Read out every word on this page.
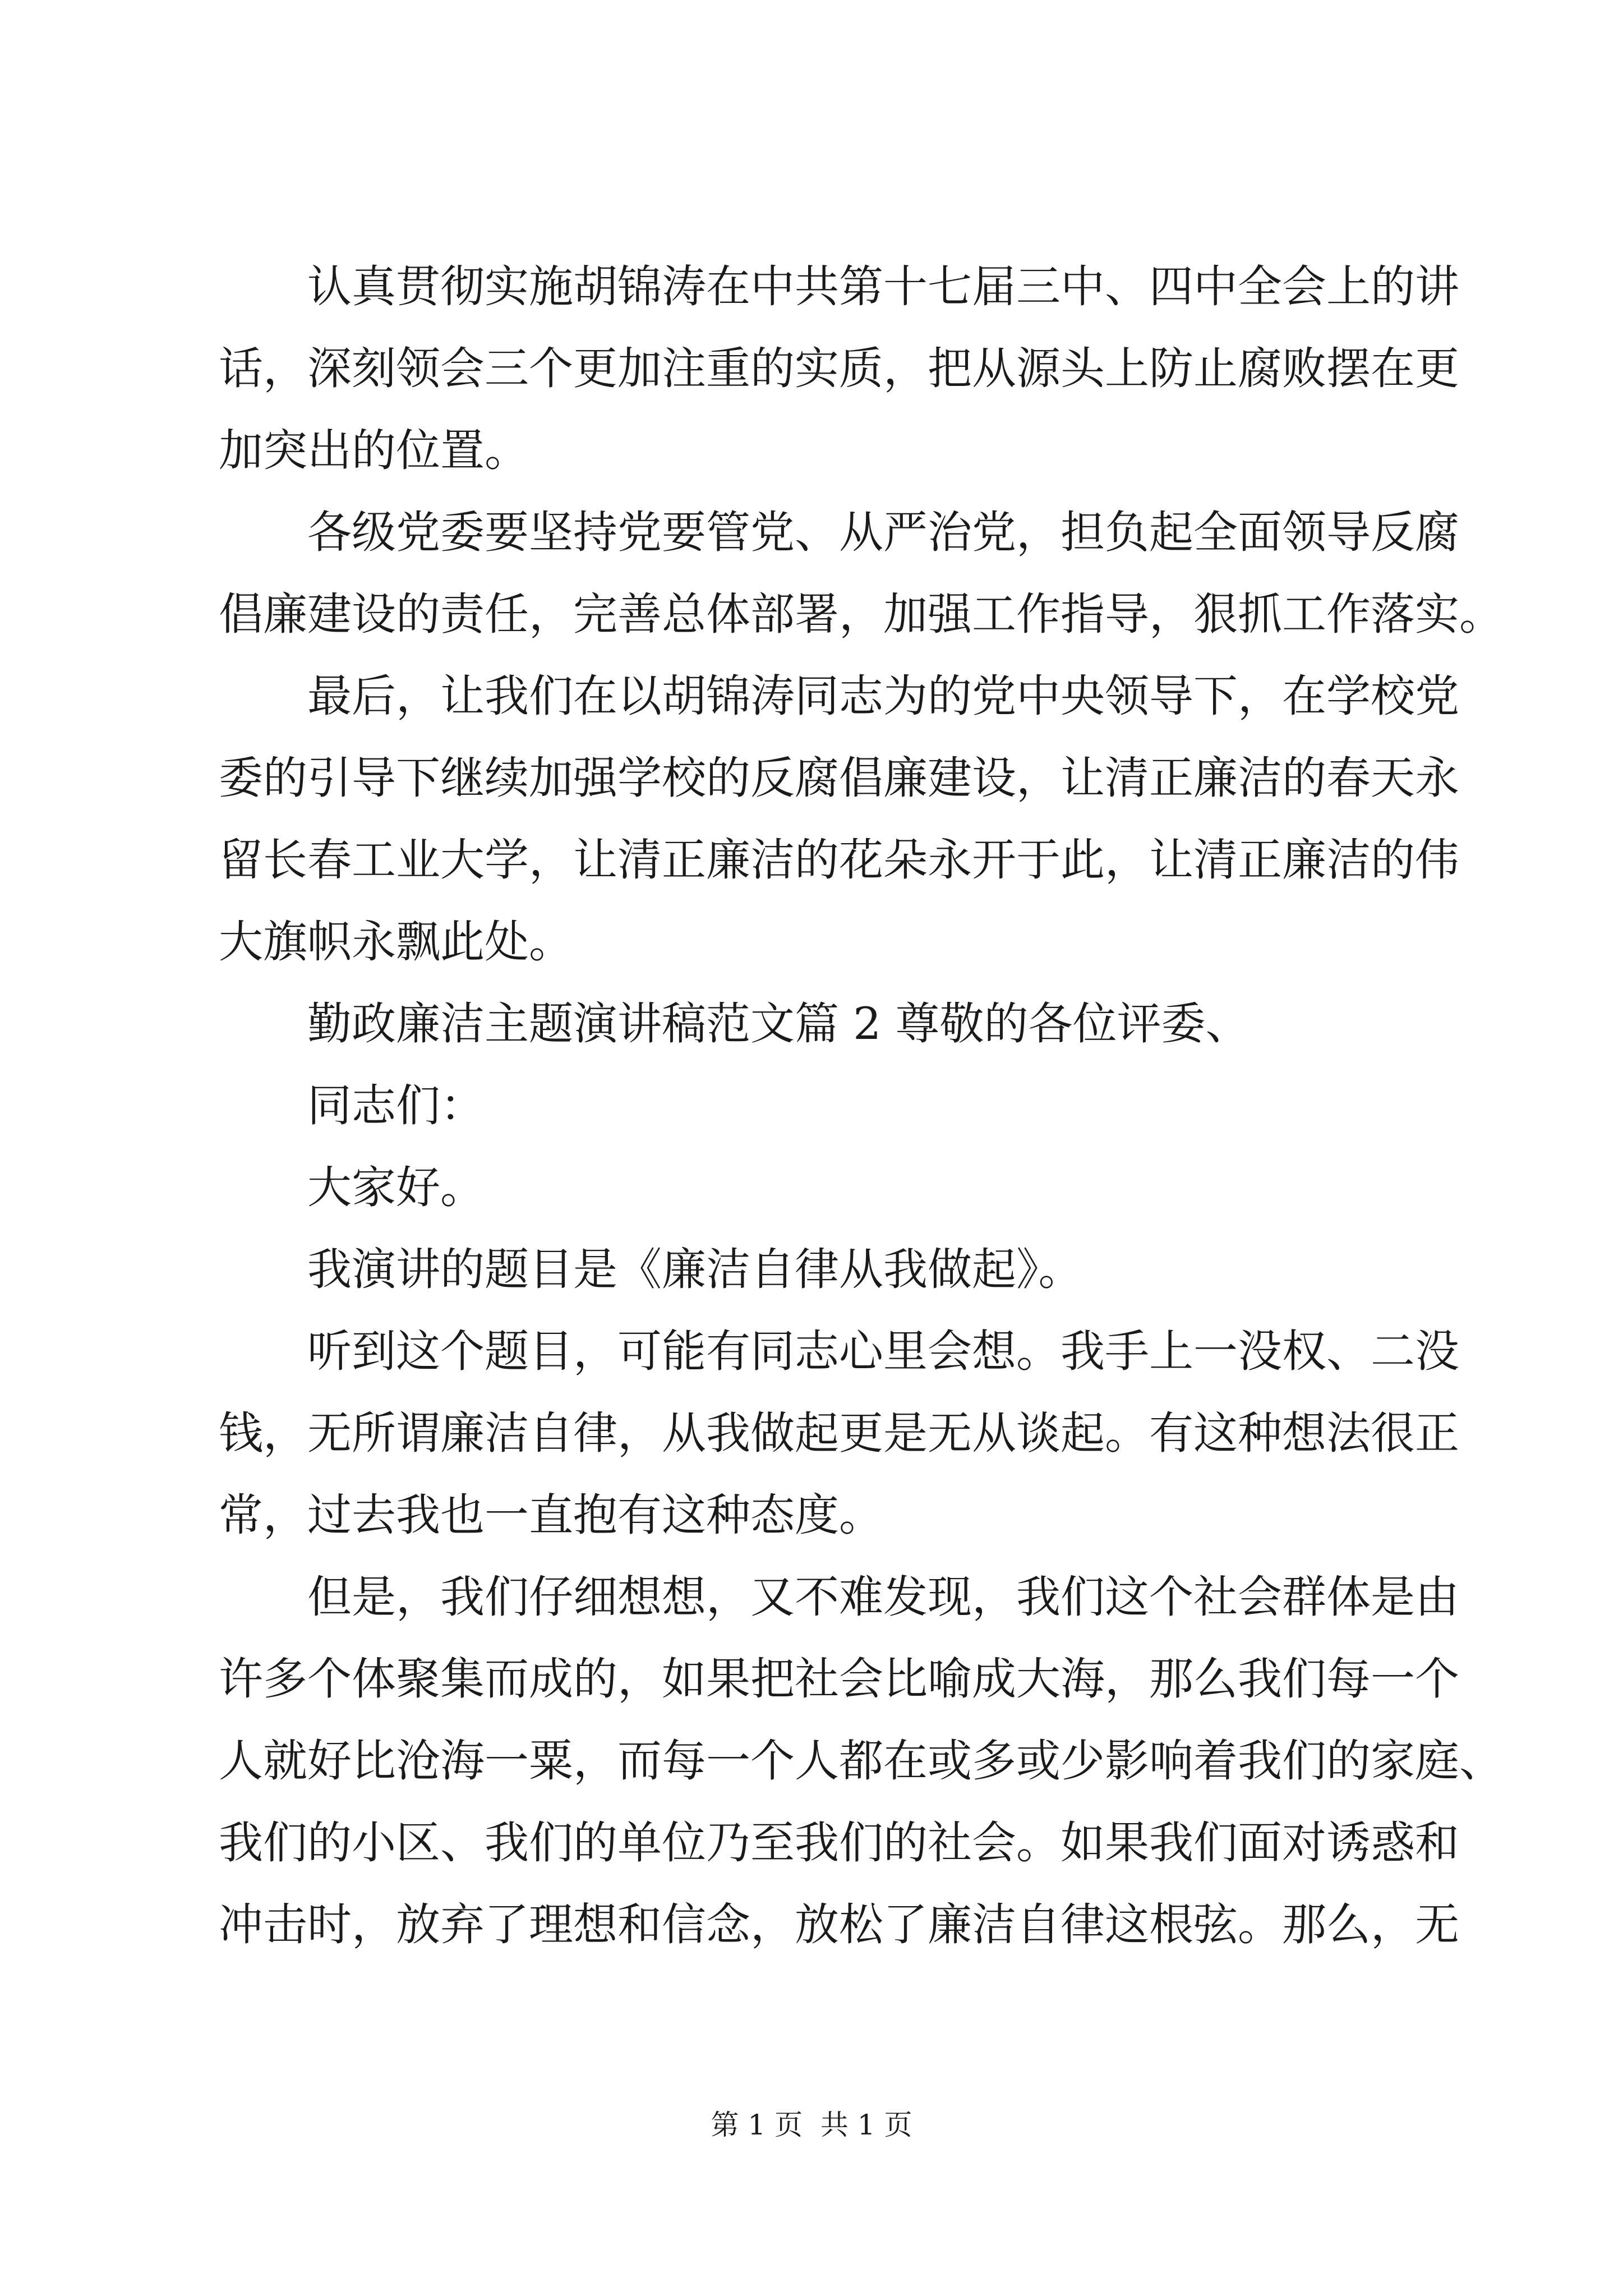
认真贯彻实施胡锦涛在中共第十七届三中、四中全会上的讲
话，深刻领会三个更加注重的实质，把从源头上防止腐败摆在更
加突出的位置。
各级党委要坚持党要管党、从严治党，担负起全面领导反腐
倡廉建设的责任，完善总体部署，加强工作指导，狠抓工作落实。
最后，让我们在以胡锦涛同志为的党中央领导下，在学校党
委的引导下继续加强学校的反腐倡廉建设，让清正廉洁的春天永
留长春工业大学，让清正廉洁的花朵永开于此，让清正廉洁的伟
大旗帜永飘此处。
勤政廉洁主题演讲稿范文篇 2 尊敬的各位评委、
同志们：
大家好。
我演讲的题目是《廉洁自律从我做起》。
听到这个题目，可能有同志心里会想。我手上一没权、二没
钱，无所谓廉洁自律，从我做起更是无从谈起。有这种想法很正
常，过去我也一直抱有这种态度。
但是，我们仔细想想，又不难发现，我们这个社会群体是由
许多个体聚集而成的，如果把社会比喻成大海，那么我们每一个
人就好比沧海一粟，而每一个人都在或多或少影响着我们的家庭、
我们的小区、我们的单位乃至我们的社会。如果我们面对诱惑和
冲击时，放弃了理想和信念，放松了廉洁自律这根弦。那么，无
第 1 页  共 1 页
